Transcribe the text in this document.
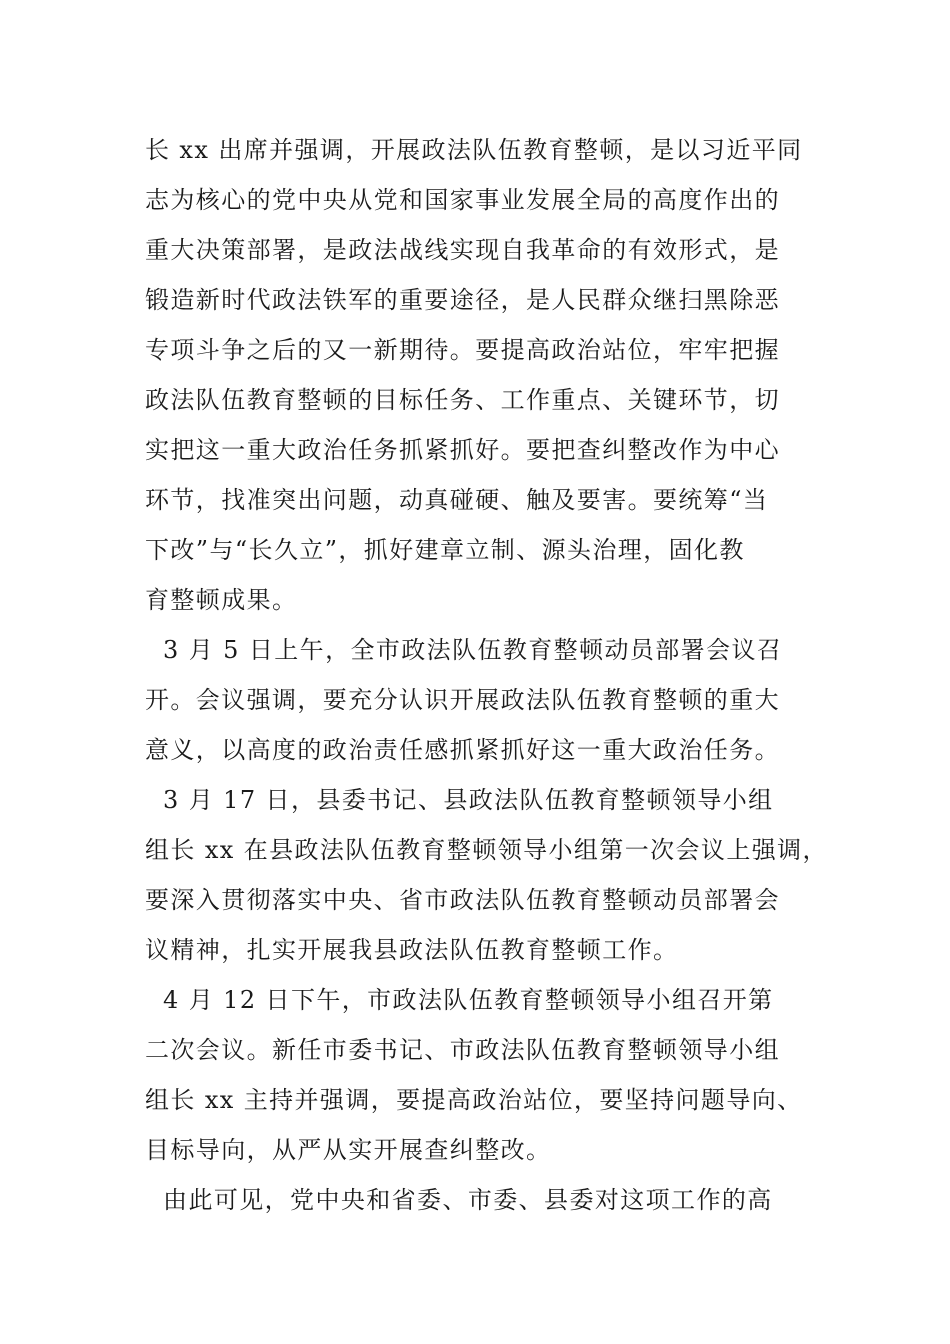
长 xx 出席并强调，开展政法队伍教育整顿，是以习近平同
志为核心的党中央从党和国家事业发展全局的高度作出的
重大决策部署，是政法战线实现自我革命的有效形式，是
锻造新时代政法铁军的重要途径，是人民群众继扫黑除恶
专项斗争之后的又一新期待。要提高政治站位，牢牢把握
政法队伍教育整顿的目标任务、工作重点、关键环节，切
实把这一重大政治任务抓紧抓好。要把查纠整改作为中心
环节，找准突出问题，动真碰硬、触及要害。要统筹“当
下改”与“长久立”，抓好建章立制、源头治理，固化教
育整顿成果。
3 月 5 日上午，全市政法队伍教育整顿动员部署会议召
开。会议强调，要充分认识开展政法队伍教育整顿的重大
意义，以高度的政治责任感抓紧抓好这一重大政治任务。
3 月 17 日，县委书记、县政法队伍教育整顿领导小组
组长 xx 在县政法队伍教育整顿领导小组第一次会议上强调，
要深入贯彻落实中央、省市政法队伍教育整顿动员部署会
议精神，扎实开展我县政法队伍教育整顿工作。
4 月 12 日下午，市政法队伍教育整顿领导小组召开第
二次会议。新任市委书记、市政法队伍教育整顿领导小组
组长 xx 主持并强调，要提高政治站位，要坚持问题导向、
目标导向，从严从实开展查纠整改。
由此可见，党中央和省委、市委、县委对这项工作的高
